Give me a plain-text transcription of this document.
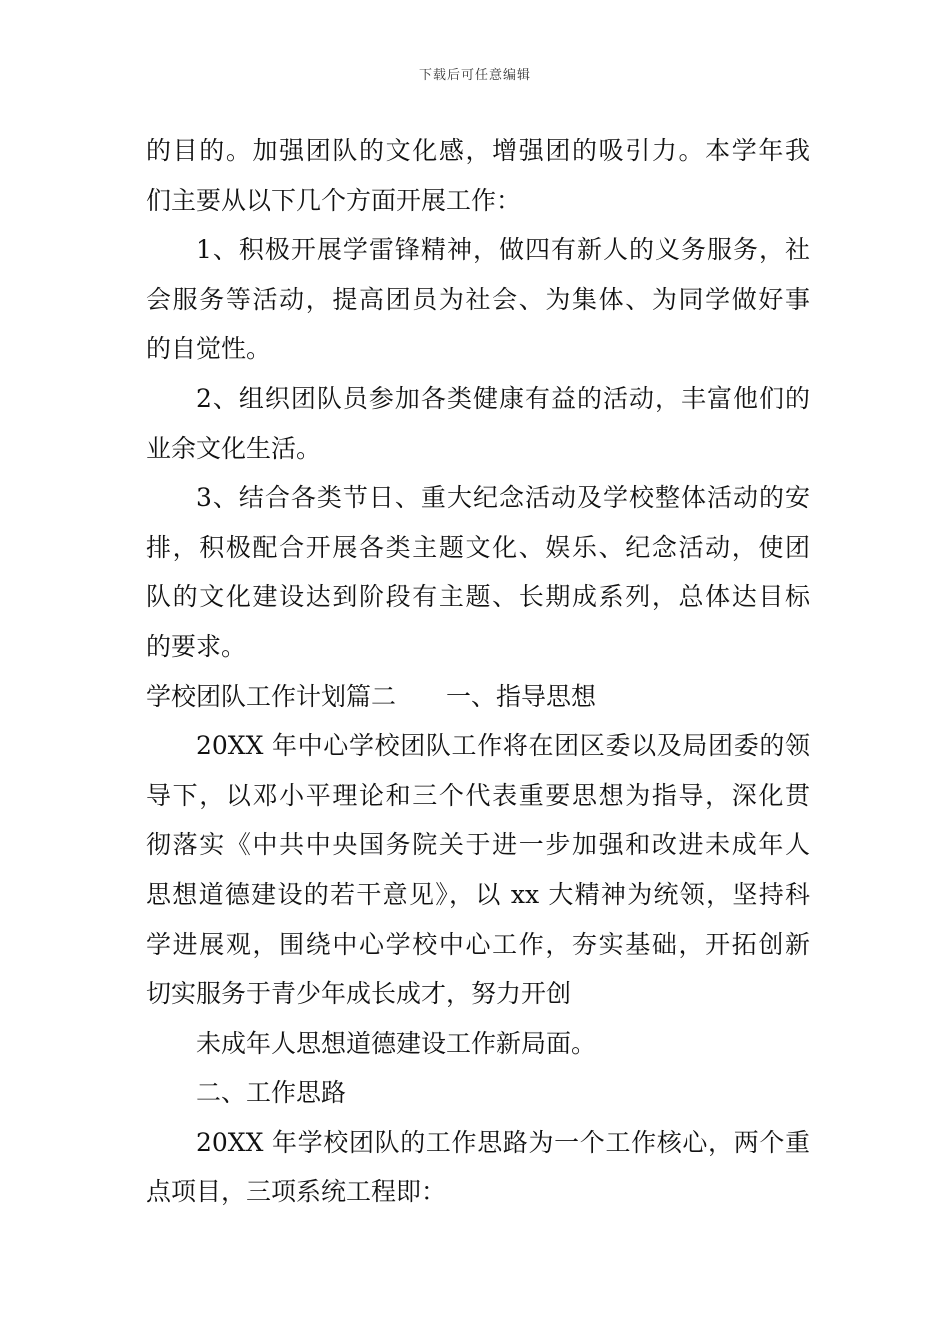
下载后可任意编辑
的目的。加强团队的文化感，增强团的吸引力。本学年我
们主要从以下几个方面开展工作：
1、积极开展学雷锋精神，做四有新人的义务服务，社
会服务等活动，提高团员为社会、为集体、为同学做好事
的自觉性。
2、组织团队员参加各类健康有益的活动，丰富他们的
业余文化生活。
3、结合各类节日、重大纪念活动及学校整体活动的安
排，积极配合开展各类主题文化、娱乐、纪念活动，使团
队的文化建设达到阶段有主题、长期成系列，总体达目标
的要求。
学校团队工作计划篇二　　一、指导思想
20XX 年中心学校团队工作将在团区委以及局团委的领
导下，以邓小平理论和三个代表重要思想为指导，深化贯
彻落实《中共中央国务院关于进一步加强和改进未成年人
思想道德建设的若干意见》，以 xx 大精神为统领，坚持科
学进展观，围绕中心学校中心工作，夯实基础，开拓创新
切实服务于青少年成长成才，努力开创
未成年人思想道德建设工作新局面。
二、工作思路
20XX 年学校团队的工作思路为一个工作核心，两个重
点项目，三项系统工程即：
